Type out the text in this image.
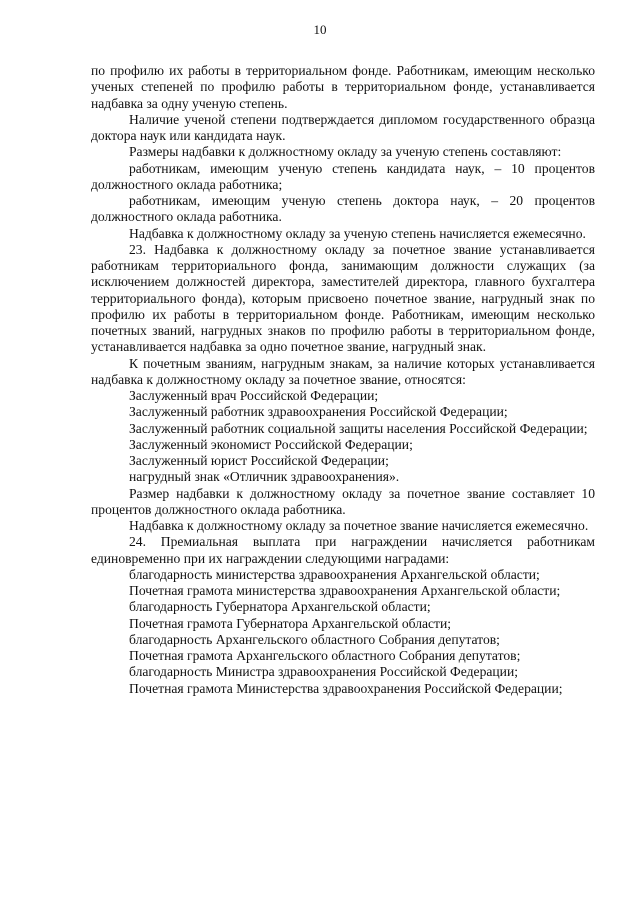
10

по профилю их работы в территориальном фонде. Работникам, имеющим несколько ученых степеней по профилю работы в территориальном фонде, устанавливается надбавка за одну ученую степень.

Наличие ученой степени подтверждается дипломом государственного образца доктора наук или кандидата наук.

Размеры надбавки к должностному окладу за ученую степень составляют:

работникам, имеющим ученую степень кандидата наук, – 10 процентов должностного оклада работника;

работникам, имеющим ученую степень доктора наук, – 20 процентов должностного оклада работника.

Надбавка к должностному окладу за ученую степень начисляется ежемесячно.

23. Надбавка к должностному окладу за почетное звание устанавливается работникам территориального фонда, занимающим должности служащих (за исключением должностей директора, заместителей директора, главного бухгалтера территориального фонда), которым присвоено почетное звание, нагрудный знак по профилю их работы в территориальном фонде. Работникам, имеющим несколько почетных званий, нагрудных знаков по профилю работы в территориальном фонде, устанавливается надбавка за одно почетное звание, нагрудный знак.

К почетным званиям, нагрудным знакам, за наличие которых устанавливается надбавка к должностному окладу за почетное звание, относятся:

Заслуженный врач Российской Федерации;

Заслуженный работник здравоохранения Российской Федерации;

Заслуженный работник социальной защиты населения Российской Федерации;

Заслуженный экономист Российской Федерации;

Заслуженный юрист Российской Федерации;

нагрудный знак «Отличник здравоохранения».

Размер надбавки к должностному окладу за почетное звание составляет 10 процентов должностного оклада работника.

Надбавка к должностному окладу за почетное звание начисляется ежемесячно.

24. Премиальная выплата при награждении начисляется работникам единовременно при их награждении следующими наградами:

благодарность министерства здравоохранения Архангельской области;

Почетная грамота министерства здравоохранения Архангельской области;

благодарность Губернатора Архангельской области;

Почетная грамота Губернатора Архангельской области;

благодарность Архангельского областного Собрания депутатов;

Почетная грамота Архангельского областного Собрания депутатов;

благодарность Министра здравоохранения Российской Федерации;

Почетная грамота Министерства здравоохранения Российской Федерации;
